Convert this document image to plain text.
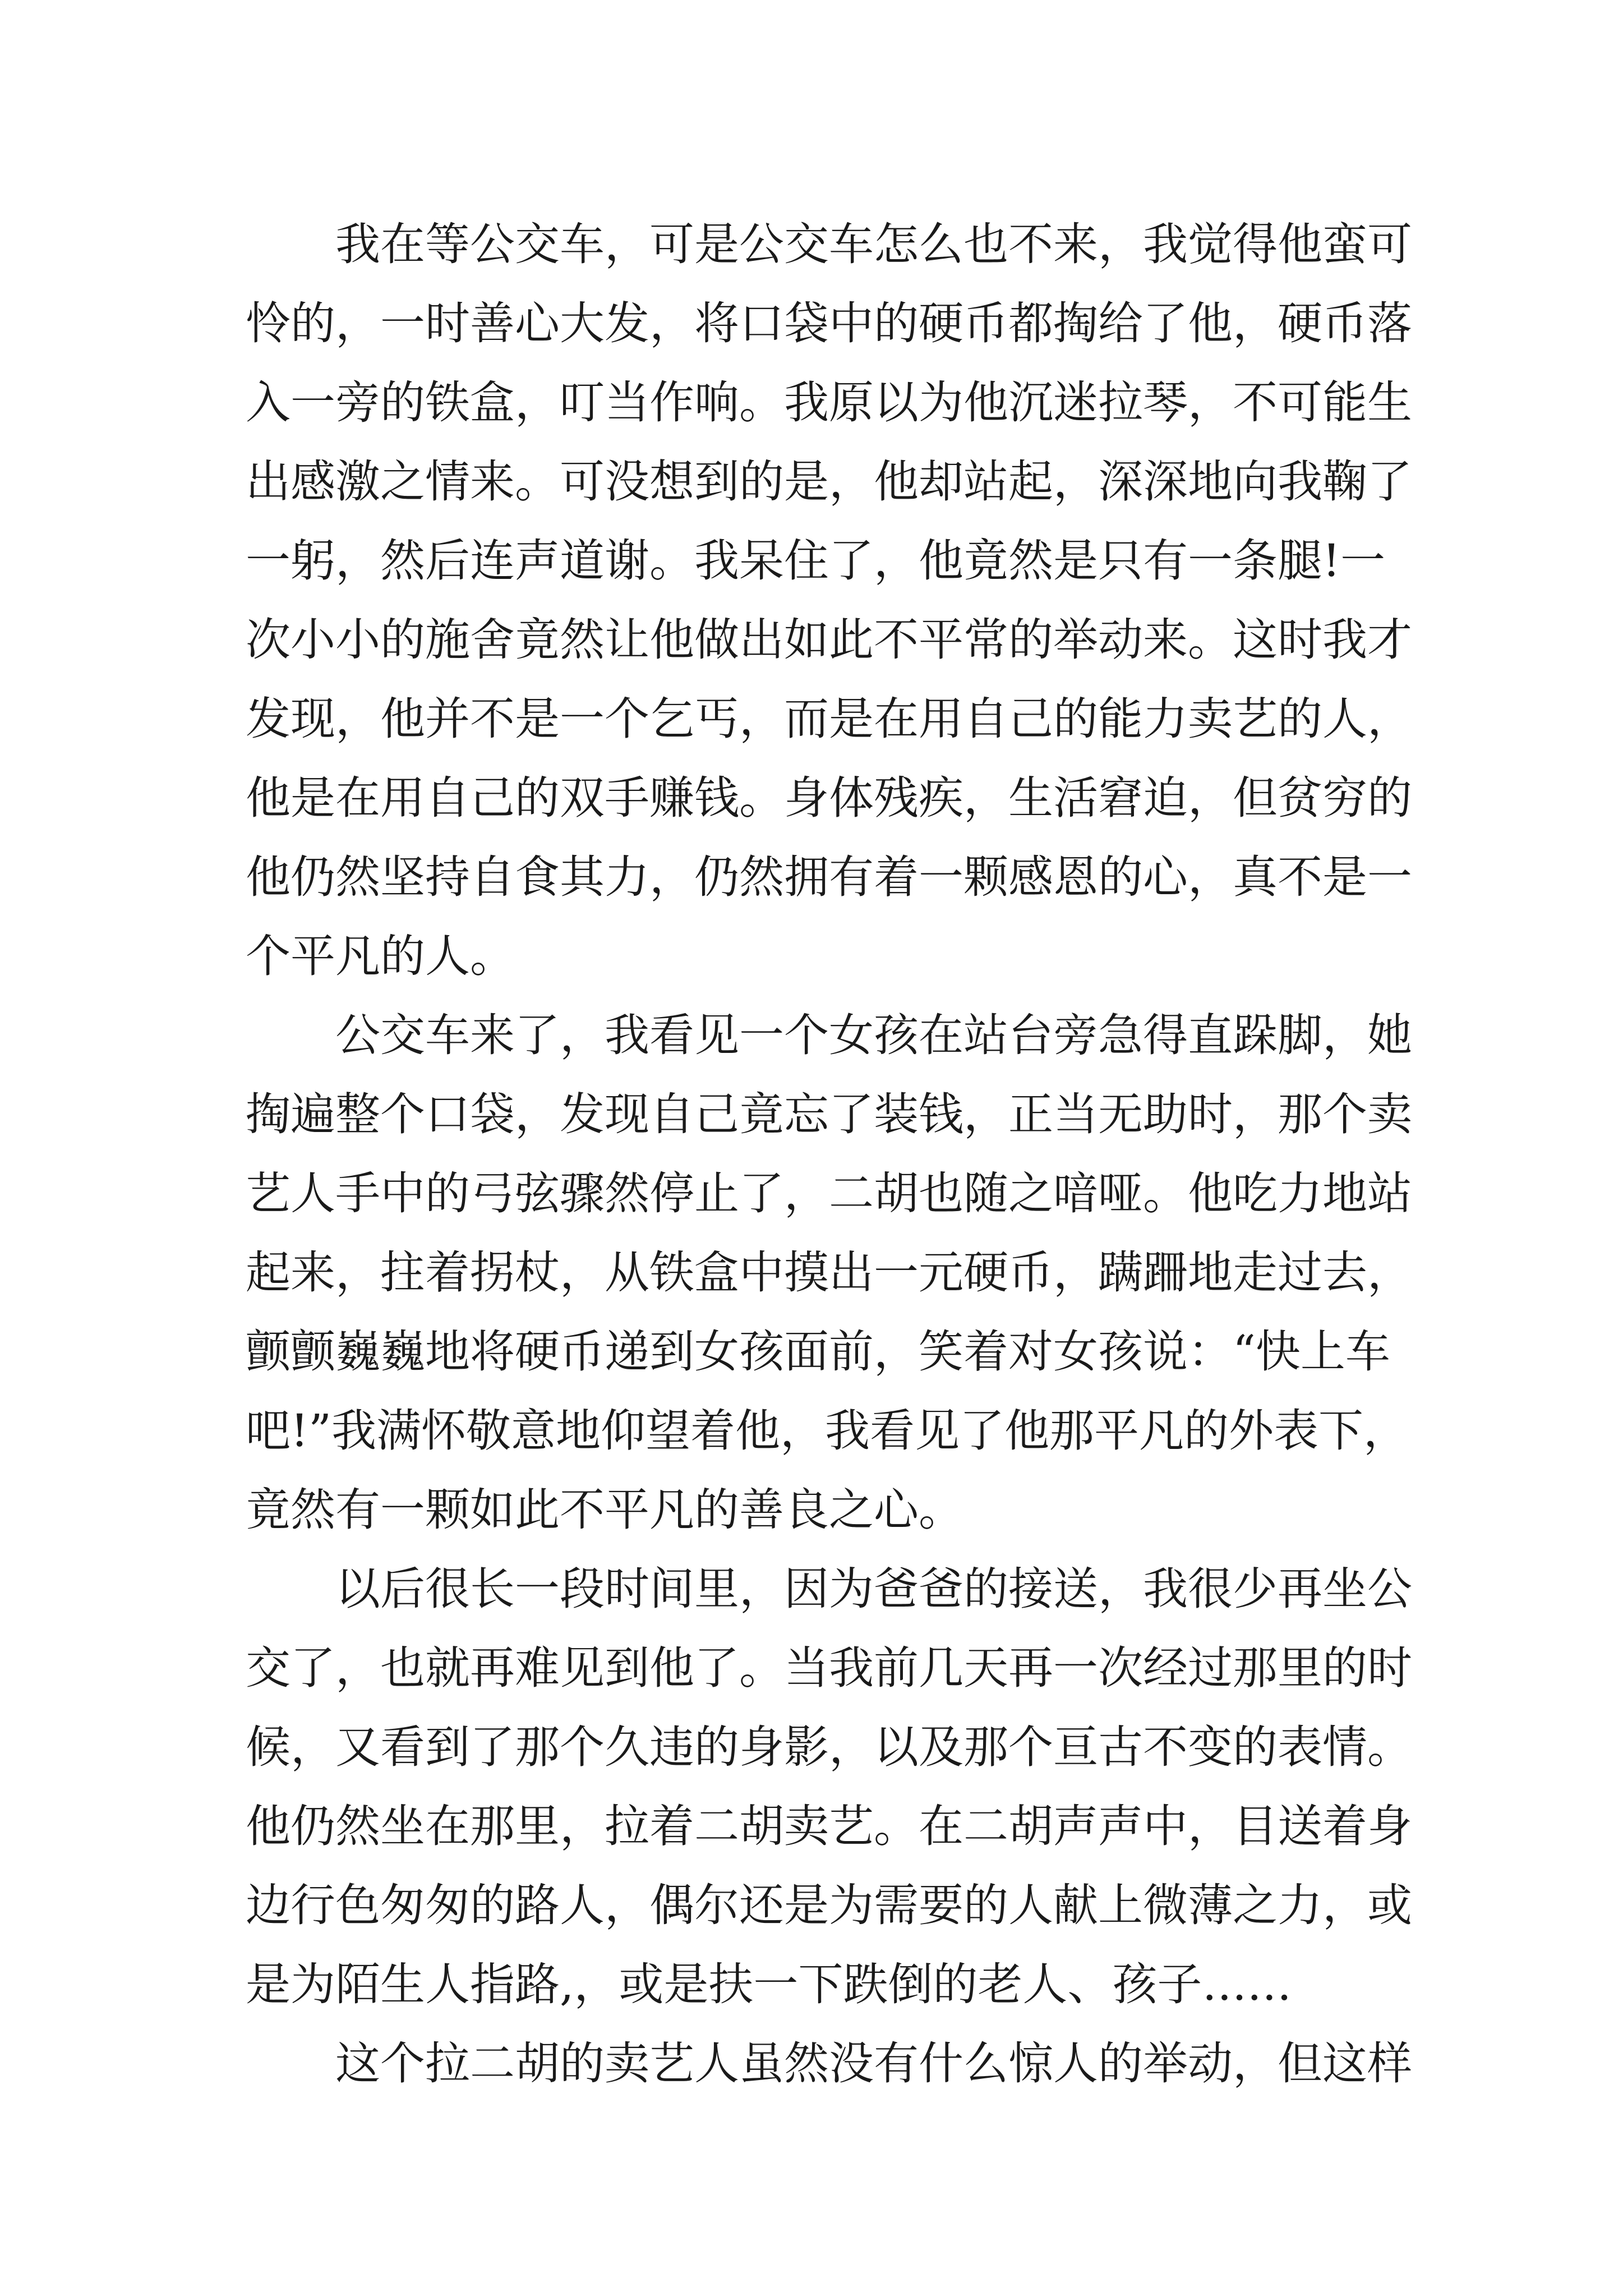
我在等公交车，可是公交车怎么也不来，我觉得他蛮可
怜的，一时善心大发，将口袋中的硬币都掏给了他，硬币落
入一旁的铁盒，叮当作响。我原以为他沉迷拉琴，不可能生
出感激之情来。可没想到的是，他却站起，深深地向我鞠了
一躬，然后连声道谢。我呆住了，他竟然是只有一条腿!一
次小小的施舍竟然让他做出如此不平常的举动来。这时我才
发现，他并不是一个乞丐，而是在用自己的能力卖艺的人，
他是在用自己的双手赚钱。身体残疾，生活窘迫，但贫穷的
他仍然坚持自食其力，仍然拥有着一颗感恩的心，真不是一
个平凡的人。
公交车来了，我看见一个女孩在站台旁急得直跺脚，她
掏遍整个口袋，发现自己竟忘了装钱，正当无助时，那个卖
艺人手中的弓弦骤然停止了，二胡也随之喑哑。他吃力地站
起来，拄着拐杖，从铁盒中摸出一元硬币，蹒跚地走过去，
颤颤巍巍地将硬币递到女孩面前，笑着对女孩说：“快上车
吧!”我满怀敬意地仰望着他，我看见了他那平凡的外表下，
竟然有一颗如此不平凡的善良之心。
以后很长一段时间里，因为爸爸的接送，我很少再坐公
交了，也就再难见到他了。当我前几天再一次经过那里的时
候，又看到了那个久违的身影，以及那个亘古不变的表情。
他仍然坐在那里，拉着二胡卖艺。在二胡声声中，目送着身
边行色匆匆的路人，偶尔还是为需要的人献上微薄之力，或
是为陌生人指路,，或是扶一下跌倒的老人、孩子……
这个拉二胡的卖艺人虽然没有什么惊人的举动，但这样
